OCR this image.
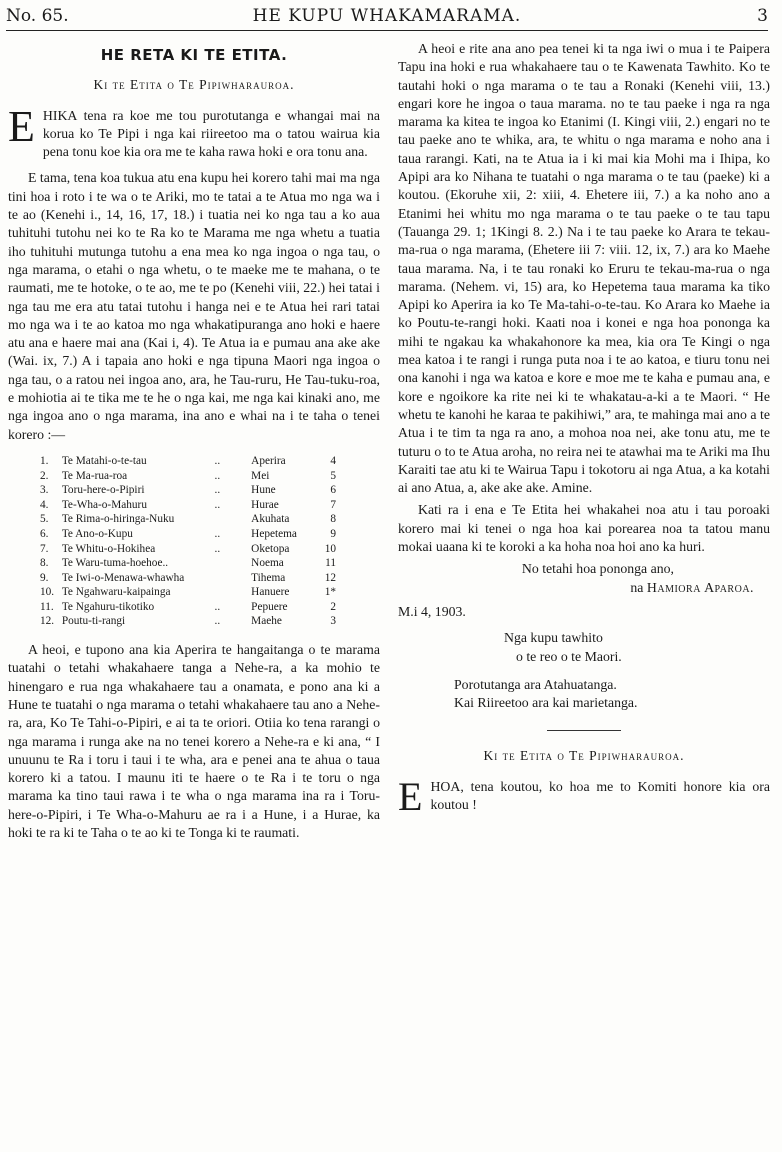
No. 65.	HE KUPU WHAKAMARAMA.	3
HE RETA KI TE ETITA.
Ki te Etita o Te Pipiwharauroa.

EHIKA tena ra koe me tou purotutanga e whangai mai na korua ko Te Pipi i nga kai riireetoo ma o tatou wairua kia pena tonu koe kia ora me te kaha rawa hoki e ora tonu ana.

E tama, tena koa tukua atu ena kupu hei korero tahi mai ma nga tini hoa i roto i te wa o te Ariki, mo te tatai a te Atua mo nga wa i te ao (Kenehi i., 14, 16, 17, 18.) i tuatia nei ko nga tau a ko aua tuhituhi tutohu nei ko te Ra ko te Marama me nga whetu a tuatia iho tuhituhi mutunga tutohu a ena mea ko nga ingoa o nga tau, o nga marama, o etahi o nga whetu, o te maeke me te mahana, o te raumati, me te hotoke, o te ao, me te po (Kenehi viii, 22.) hei tatai i nga tau me era atu tatai tutohu i hanga nei e te Atua hei rari tatai mo nga wa i te ao katoa mo nga whakatipuranga ano hoki e haere atu ana e haere mai ana (Kai i, 4). Te Atua ia e pumau ana ake ake (Wai. ix, 7.) A i tapaia ano hoki e nga tipuna Maori nga ingoa o nga tau, o a ratou nei ingoa ano, ara, he Tau-ruru, He Tau-tuku-roa, e mohiotia ai te tika me te he o nga kai, me nga kai kinaki ano, me nga ingoa ano o nga marama, ina ano e whai na i te taha o tenei korero :—

1.	Te Matahi-o-te-tau	..	Aperira	4
2.	Te Ma-rua-roa	..	Mei	5
3.	Toru-here-o-Pipiri	..	Hune	6
4.	Te-Wha-o-Mahuru	..	Hurae	7
5.	Te Rima-o-hiringa-Nuku		Akuhata	8
6.	Te Ano-o-Kupu	..	Hepetema	9
7.	Te Whitu-o-Hokihea	..	Oketopa	10
8.	Te Waru-tuma-hoehoe..		Noema	11
9.	Te Iwi-o-Menawa-whawha		Tihema	12
10.	Te Ngahwaru-kaipainga		Hanuere	1*
11.	Te Ngahuru-tikotiko	..	Pepuere	2
12.	Poutu-ti-rangi	..	Maehe	3

A heoi, e tupono ana kia Aperira te hangaitanga o te marama tuatahi o tetahi whakahaere tanga a Nehe-ra, a ka mohio te hinengaro e rua nga whakahaere tau a onamata, e pono ana ki a Hune te tuatahi o nga marama o tetahi whakahaere tau ano a Nehe-ra, ara, Ko Te Tahi-o-Pipiri, e ai ta te oriori. Otiia ko tena rarangi o nga marama i runga ake na no tenei korero a Nehe-ra e ki ana, “ I unuunu te Ra i toru i taui i te wha, ara e penei ana te ahua o taua korero ki a tatou. I maunu iti te haere o te Ra i te toru o nga marama ka tino taui rawa i te wha o nga marama ina ra i Toru-here-o-Pipiri, i Te Wha-o-Mahuru ae ra i a Hune, i a Hurae, ka hoki te ra ki te Taha o te ao ki te Tonga ki te raumati.

A heoi e rite ana ano pea tenei ki ta nga iwi o mua i te Paipera Tapu ina hoki e rua whakahaere tau o te Kawenata Tawhito. Ko te tautahi hoki o nga marama o te tau a Ronaki (Kenehi viii, 13.) engari kore he ingoa o taua marama. no te tau paeke i nga ra nga marama ka kitea te ingoa ko Etanimi (I. Kingi viii, 2.) engari no te tau paeke ano te whika, ara, te whitu o nga marama e noho ana i taua rarangi. Kati, na te Atua ia i ki mai kia Mohi ma i Ihipa, ko Apipi ara ko Nihana te tuatahi o nga marama o te tau (paeke) ki a koutou. (Ekoruhe xii, 2: xiii, 4. Ehetere iii, 7.) a ka noho ano a Etanimi hei whitu mo nga marama o te tau paeke o te tau tapu (Tauanga 29. 1; 1Kingi 8. 2.) Na i te tau paeke ko Arara te tekau-ma-rua o nga marama, (Ehetere iii 7: viii. 12, ix, 7.) ara ko Maehe taua marama. Na, i te tau ronaki ko Eruru te tekau-ma-rua o nga marama. (Nehem. vi, 15) ara, ko Hepetema taua marama ka tiko Apipi ko Aperira ia ko Te Ma-tahi-o-te-tau. Ko Arara ko Maehe ia ko Poutu-te-rangi hoki. Kaati noa i konei e nga hoa pononga ka mihi te ngakau ka whakahonore ka mea, kia ora Te Kingi o nga mea katoa i te rangi i runga puta noa i te ao katoa, e tiuru tonu nei ona kanohi i nga wa katoa e kore e moe me te kaha e pumau ana, e kore e ngoikore ka rite nei ki te whakatau-a-ki a te Maori. “ He whetu te kanohi he karaa te pakihiwi,” ara, te mahinga mai ano a te Atua i te tim ta nga ra ano, a mohoa noa nei, ake tonu atu, me te tuturu o to te Atua aroha, no reira nei te atawhai ma te Ariki ma Ihu Karaiti tae atu ki te Wairua Tapu i tokotoru ai nga Atua, a ka kotahi ai ano Atua, a, ake ake ake. Amine.

Kati ra i ena e Te Etita hei whakahei noa atu i tau poroaki korero mai ki tenei o nga hoa kai porearea noa ta tatou manu mokai uaana ki te koroki a ka hoha noa hoi ano ka huri.

No tetahi hoa pononga ano,

na Hamiora Aparoa.

M.i 4, 1903.

Nga kupu tawhito

o te reo o te Maori.

Porotutanga ara Atahuatanga.

Kai Riireetoo ara kai marietanga.

Ki te Etita o Te Pipiwharauroa.

EHOA, tena koutou, ko hoa me to Komiti honore kia ora koutou !
